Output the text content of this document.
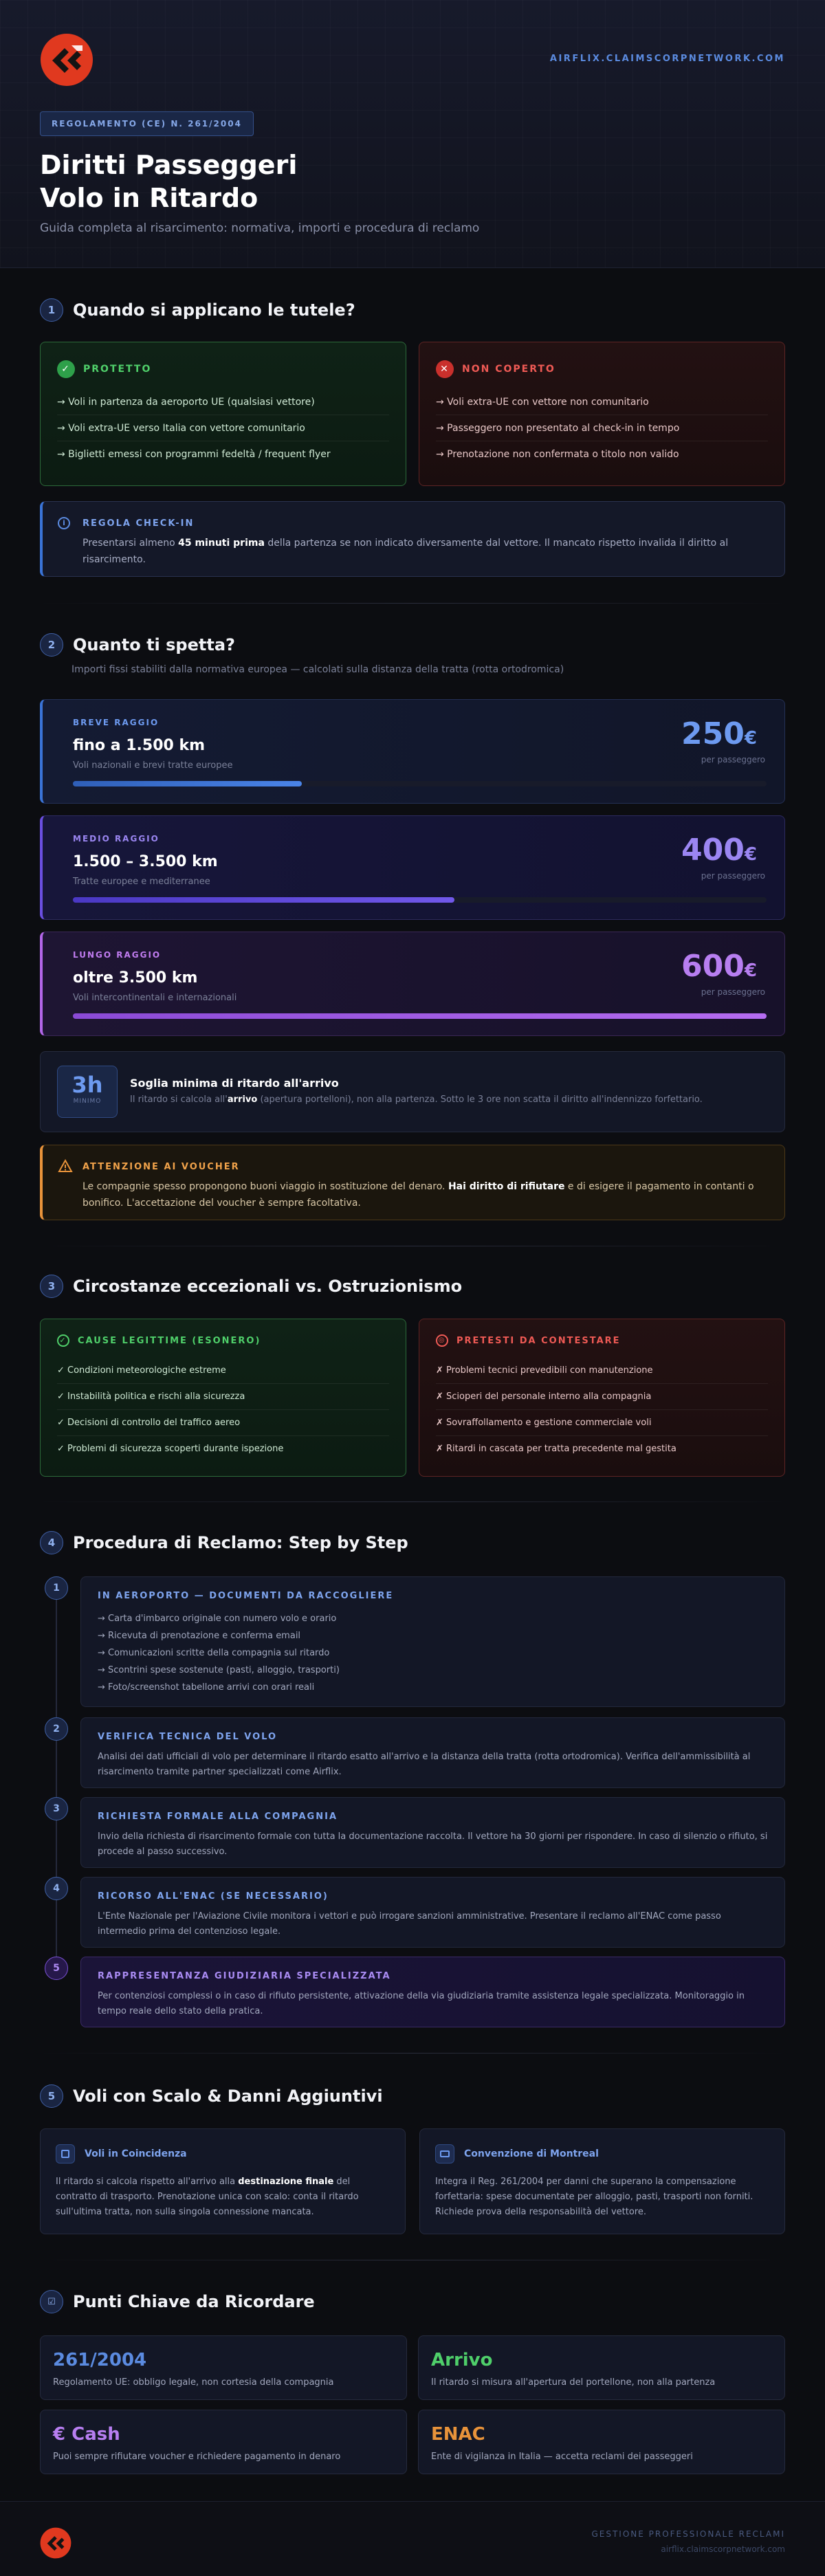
AIRFLIX.CLAIMSCORPNETWORK.COM
REGOLAMENTO (CE) N. 261/2004
Diritti Passeggeri
Volo in Ritardo
Guida completa al risarcimento: normativa, importi e procedura di reclamo
1	Quando si applicano le tutele?
✓	PROTETTO
→ Voli in partenza da aeroporto UE (qualsiasi vettore)
→ Voli extra-UE verso Italia con vettore comunitario
→ Biglietti emessi con programmi fedeltà / frequent flyer
✕	NON COPERTO
→ Voli extra-UE con vettore non comunitario
→ Passeggero non presentato al check-in in tempo
→ Prenotazione non confermata o titolo non valido
i	REGOLA CHECK-IN
Presentarsi almeno 45 minuti prima della partenza se non indicato diversamente dal vettore. Il mancato rispetto invalida il diritto al risarcimento.
2	Quanto ti spetta?
Importi fissi stabiliti dalla normativa europea — calcolati sulla distanza della tratta (rotta ortodromica)
BREVE RAGGIO
fino a 1.500 km
Voli nazionali e brevi tratte europee
250€
per passeggero
MEDIO RAGGIO
1.500 – 3.500 km
Tratte europee e mediterranee
400€
per passeggero
LUNGO RAGGIO
oltre 3.500 km
Voli intercontinentali e internazionali
600€
per passeggero
3h
MINIMO
Soglia minima di ritardo all'arrivo
Il ritardo si calcola all'arrivo (apertura portelloni), non alla partenza. Sotto le 3 ore non scatta il diritto all'indennizzo forfettario.
ATTENZIONE AI VOUCHER
Le compagnie spesso propongono buoni viaggio in sostituzione del denaro. Hai diritto di rifiutare e di esigere il pagamento in contanti o bonifico. L'accettazione del voucher è sempre facoltativa.
3	Circostanze eccezionali vs. Ostruzionismo
✓ CAUSE LEGITTIME (ESONERO)
✓ Condizioni meteorologiche estreme
✓ Instabilità politica e rischi alla sicurezza
✓ Decisioni di controllo del traffico aereo
✓ Problemi di sicurezza scoperti durante ispezione
◎ PRETESTI DA CONTESTARE
✗ Problemi tecnici prevedibili con manutenzione
✗ Scioperi del personale interno alla compagnia
✗ Sovraffollamento e gestione commerciale voli
✗ Ritardi in cascata per tratta precedente mal gestita
4	Procedura di Reclamo: Step by Step
1
IN AEROPORTO — DOCUMENTI DA RACCOGLIERE
→ Carta d'imbarco originale con numero volo e orario
→ Ricevuta di prenotazione e conferma email
→ Comunicazioni scritte della compagnia sul ritardo
→ Scontrini spese sostenute (pasti, alloggio, trasporti)
→ Foto/screenshot tabellone arrivi con orari reali
2
VERIFICA TECNICA DEL VOLO
Analisi dei dati ufficiali di volo per determinare il ritardo esatto all'arrivo e la distanza della tratta (rotta ortodromica). Verifica dell'ammissibilità al risarcimento tramite partner specializzati come Airflix.
3
RICHIESTA FORMALE ALLA COMPAGNIA
Invio della richiesta di risarcimento formale con tutta la documentazione raccolta. Il vettore ha 30 giorni per rispondere. In caso di silenzio o rifiuto, si procede al passo successivo.
4
RICORSO ALL'ENAC (SE NECESSARIO)
L'Ente Nazionale per l'Aviazione Civile monitora i vettori e può irrogare sanzioni amministrative. Presentare il reclamo all'ENAC come passo intermedio prima del contenzioso legale.
5
RAPPRESENTANZA GIUDIZIARIA SPECIALIZZATA
Per contenziosi complessi o in caso di rifiuto persistente, attivazione della via giudiziaria tramite assistenza legale specializzata. Monitoraggio in tempo reale dello stato della pratica.
5	Voli con Scalo & Danni Aggiuntivi
Voli in Coincidenza
Il ritardo si calcola rispetto all'arrivo alla destinazione finale del contratto di trasporto. Prenotazione unica con scalo: conta il ritardo sull'ultima tratta, non sulla singola connessione mancata.
Convenzione di Montreal
Integra il Reg. 261/2004 per danni che superano la compensazione forfettaria: spese documentate per alloggio, pasti, trasporti non forniti. Richiede prova della responsabilità del vettore.
☑	Punti Chiave da Ricordare
261/2004
Regolamento UE: obbligo legale, non cortesia della compagnia
Arrivo
Il ritardo si misura all'apertura del portellone, non alla partenza
€ Cash
Puoi sempre rifiutare voucher e richiedere pagamento in denaro
ENAC
Ente di vigilanza in Italia — accetta reclami dei passeggeri
GESTIONE PROFESSIONALE RECLAMI
airflix.claimscorpnetwork.com
